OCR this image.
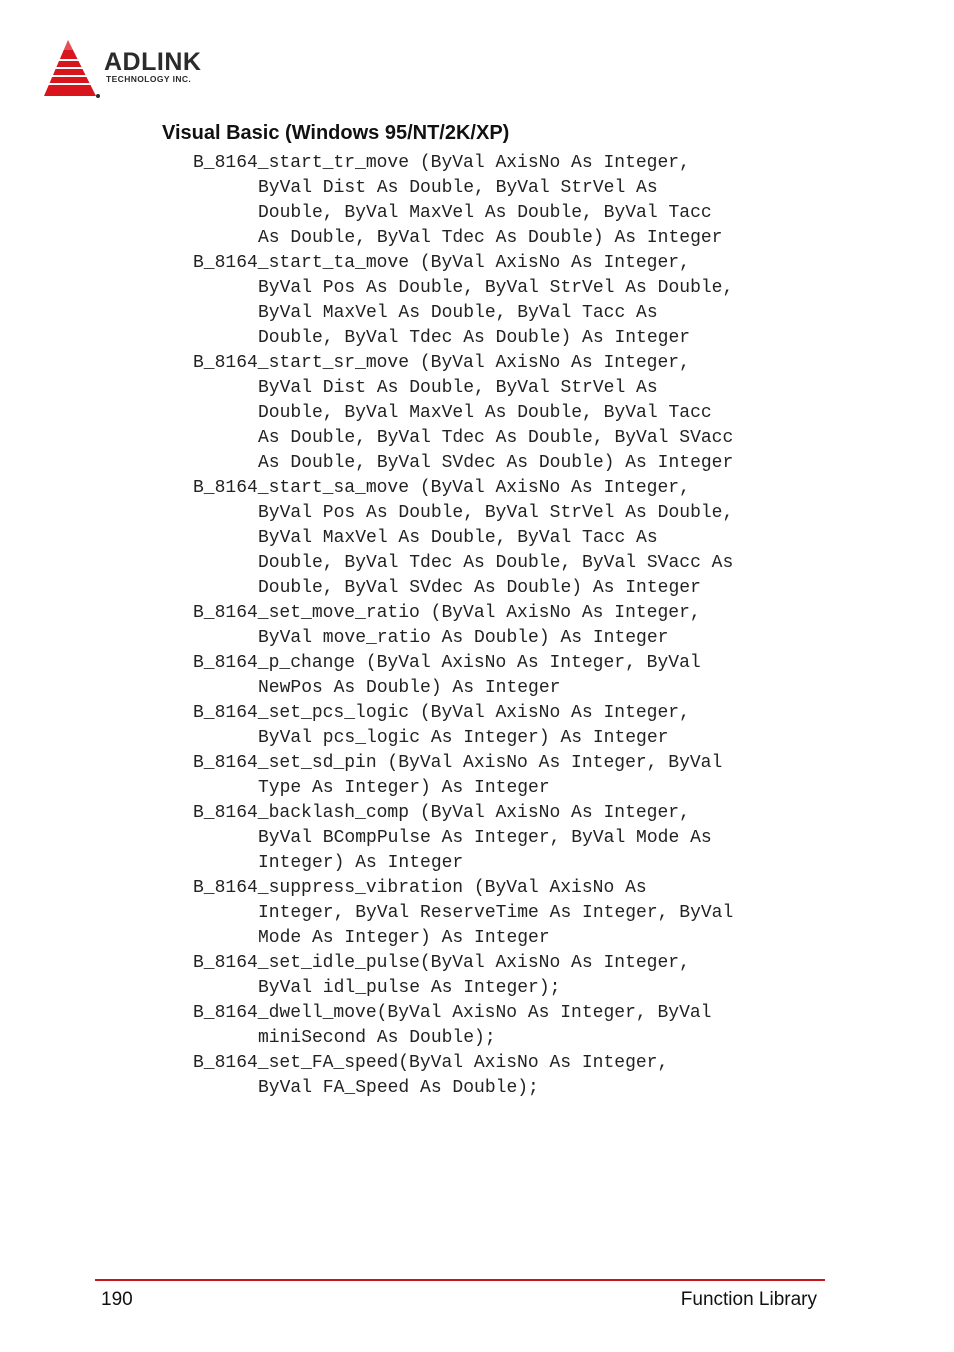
ADLINK
TECHNOLOGY INC.
Visual Basic (Windows 95/NT/2K/XP)
B_8164_start_tr_move (ByVal AxisNo As Integer,
ByVal Dist As Double, ByVal StrVel As
Double, ByVal MaxVel As Double, ByVal Tacc
As Double, ByVal Tdec As Double) As Integer
B_8164_start_ta_move (ByVal AxisNo As Integer,
ByVal Pos As Double, ByVal StrVel As Double,
ByVal MaxVel As Double, ByVal Tacc As
Double, ByVal Tdec As Double) As Integer
B_8164_start_sr_move (ByVal AxisNo As Integer,
ByVal Dist As Double, ByVal StrVel As
Double, ByVal MaxVel As Double, ByVal Tacc
As Double, ByVal Tdec As Double, ByVal SVacc
As Double, ByVal SVdec As Double) As Integer
B_8164_start_sa_move (ByVal AxisNo As Integer,
ByVal Pos As Double, ByVal StrVel As Double,
ByVal MaxVel As Double, ByVal Tacc As
Double, ByVal Tdec As Double, ByVal SVacc As
Double, ByVal SVdec As Double) As Integer
B_8164_set_move_ratio (ByVal AxisNo As Integer,
ByVal move_ratio As Double) As Integer
B_8164_p_change (ByVal AxisNo As Integer, ByVal
NewPos As Double) As Integer
B_8164_set_pcs_logic (ByVal AxisNo As Integer,
ByVal pcs_logic As Integer) As Integer
B_8164_set_sd_pin (ByVal AxisNo As Integer, ByVal
Type As Integer) As Integer
B_8164_backlash_comp (ByVal AxisNo As Integer,
ByVal BCompPulse As Integer, ByVal Mode As
Integer) As Integer
B_8164_suppress_vibration (ByVal AxisNo As
Integer, ByVal ReserveTime As Integer, ByVal
Mode As Integer) As Integer
B_8164_set_idle_pulse(ByVal AxisNo As Integer,
ByVal idl_pulse As Integer);
B_8164_dwell_move(ByVal AxisNo As Integer, ByVal
miniSecond As Double);
B_8164_set_FA_speed(ByVal AxisNo As Integer,
ByVal FA_Speed As Double);
190	Function Library
